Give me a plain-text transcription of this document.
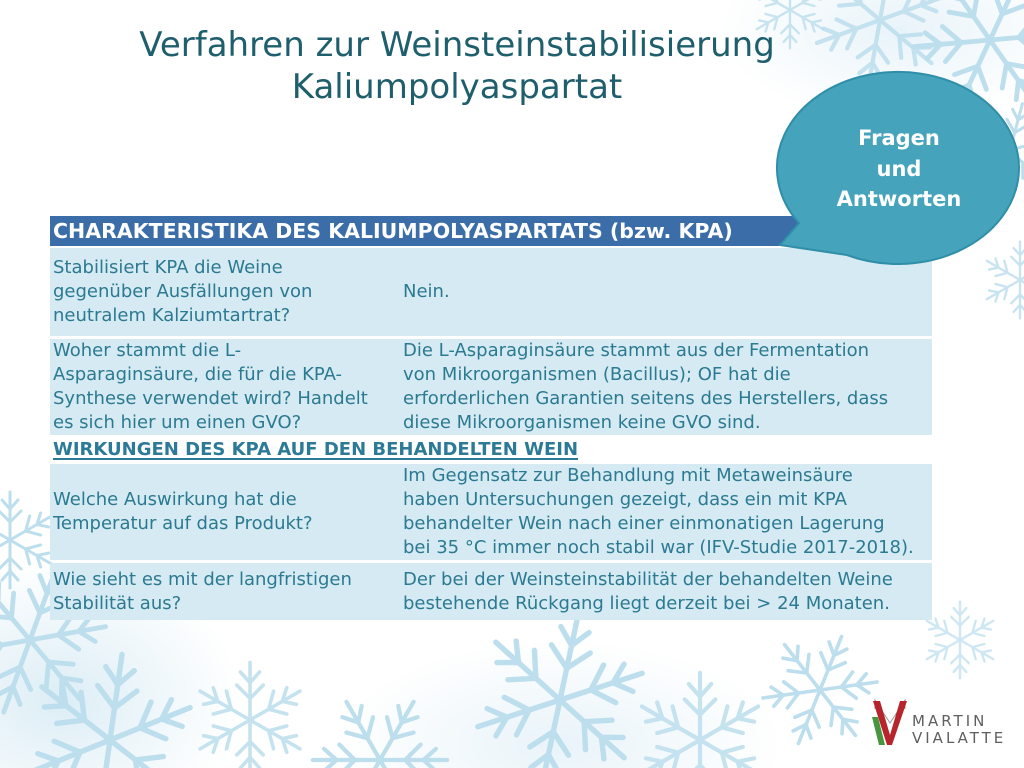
Verfahren zur Weinsteinstabilisierung
Kaliumpolyaspartat
CHARAKTERISTIKA DES KALIUMPOLYASPARTATS (bzw. KPA)
Stabilisiert KPA die Weine
gegenüber Ausfällungen von
neutralem Kalziumtartrat?
Nein.
Woher stammt die L-
Asparaginsäure, die für die KPA-
Synthese verwendet wird? Handelt
es sich hier um einen GVO?
Die L-Asparaginsäure stammt aus der Fermentation
von Mikroorganismen (Bacillus); OF hat die
erforderlichen Garantien seitens des Herstellers, dass
diese Mikroorganismen keine GVO sind.
WIRKUNGEN DES KPA AUF DEN BEHANDELTEN WEIN
Welche Auswirkung hat die
Temperatur auf das Produkt?
Im Gegensatz zur Behandlung mit Metaweinsäure
haben Untersuchungen gezeigt, dass ein mit KPA
behandelter Wein nach einer einmonatigen Lagerung
bei 35 °C immer noch stabil war (IFV-Studie 2017-2018).
Wie sieht es mit der langfristigen
Stabilität aus?
Der bei der Weinsteinstabilität der behandelten Weine
bestehende Rückgang liegt derzeit bei > 24 Monaten.
Fragen
und
Antworten
MARTIN
VIALATTE
